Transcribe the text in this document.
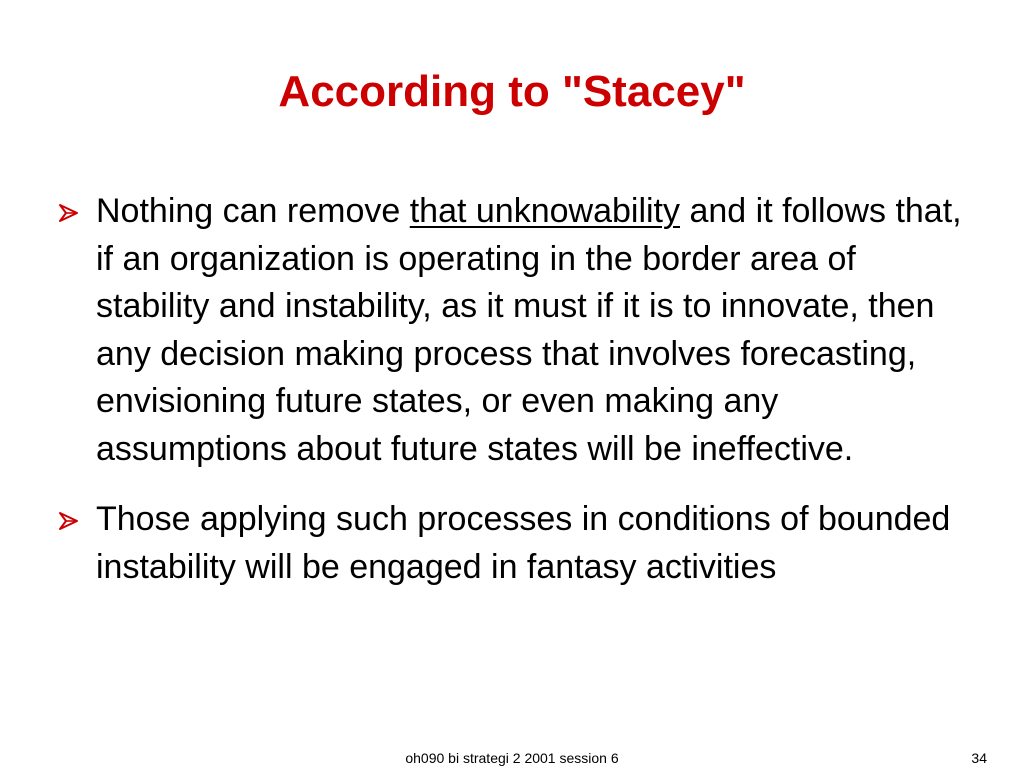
According to "Stacey"
Nothing can remove that unknowability and it follows that, if an organization is operating in the border area of stability and instability, as it must if it is to innovate, then any decision making process that involves forecasting, envisioning future states, or even making any assumptions about future states will be ineffective.
Those applying such processes in conditions of bounded instability will be engaged in fantasy activities
oh090 bi strategi 2 2001 session 6	34
